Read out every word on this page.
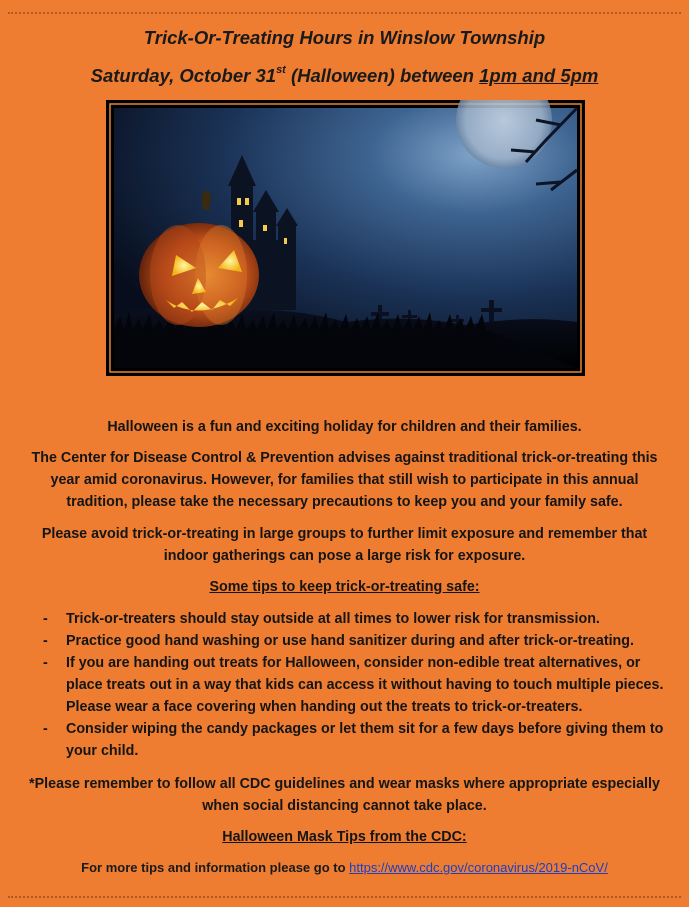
Trick-Or-Treating Hours in Winslow Township
Saturday, October 31st (Halloween) between 1pm and 5pm
Halloween is a fun and exciting holiday for children and their families.
The Center for Disease Control & Prevention advises against traditional trick-or-treating this year amid coronavirus. However, for families that still wish to participate in this annual tradition, please take the necessary precautions to keep you and your family safe.
Please avoid trick-or-treating in large groups to further limit exposure and remember that indoor gatherings can pose a large risk for exposure.
Some tips to keep trick-or-treating safe:
- Trick-or-treaters should stay outside at all times to lower risk for transmission.
- Practice good hand washing or use hand sanitizer during and after trick-or-treating.
- If you are handing out treats for Halloween, consider non-edible treat alternatives, or place treats out in a way that kids can access it without having to touch multiple pieces. Please wear a face covering when handing out the treats to trick-or-treaters.
- Consider wiping the candy packages or let them sit for a few days before giving them to your child.
*Please remember to follow all CDC guidelines and wear masks where appropriate especially when social distancing cannot take place.
Halloween Mask Tips from the CDC:
For more tips and information please go to https://www.cdc.gov/coronavirus/2019-nCoV/
